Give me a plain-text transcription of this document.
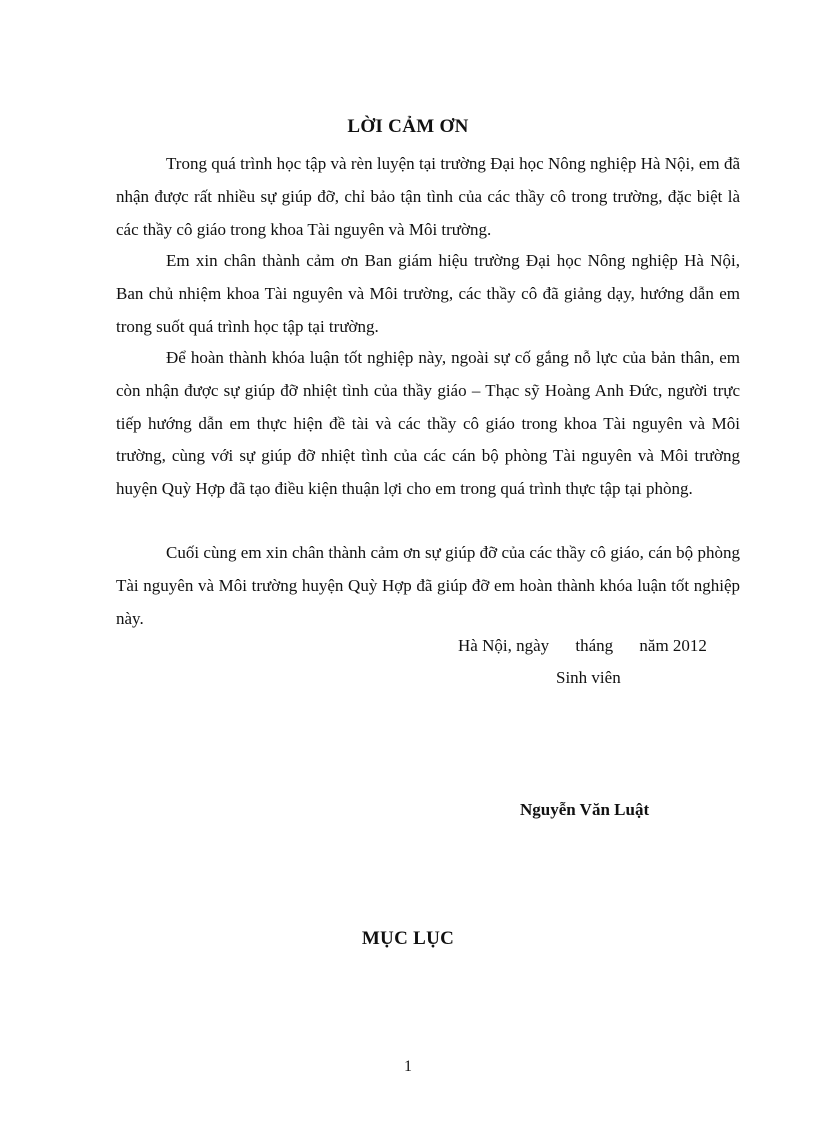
LỜI CẢM ƠN

Trong quá trình học tập và rèn luyện tại trường Đại học Nông nghiệp Hà Nội, em đã nhận được rất nhiều sự giúp đỡ, chỉ bảo tận tình của các thầy cô trong trường, đặc biệt là các thầy cô giáo trong khoa Tài nguyên và Môi trường.

Em xin chân thành cảm ơn Ban giám hiệu trường Đại học Nông nghiệp Hà Nội, Ban chủ nhiệm khoa Tài nguyên và Môi trường, các thầy cô đã giảng dạy, hướng dẫn em trong suốt quá trình học tập tại trường.

Để hoàn thành khóa luận tốt nghiệp này, ngoài sự cố gắng nỗ lực của bản thân, em còn nhận được sự giúp đỡ nhiệt tình của thầy giáo – Thạc sỹ Hoàng Anh Đức, người trực tiếp hướng dẫn em thực hiện đề tài và các thầy cô giáo trong khoa Tài nguyên và Môi trường, cùng với sự giúp đỡ nhiệt tình của các cán bộ phòng Tài nguyên và Môi trường huyện Quỳ Hợp đã tạo điều kiện thuận lợi cho em trong quá trình thực tập tại phòng.

Cuối cùng em xin chân thành cảm ơn sự giúp đỡ của các thầy cô giáo, cán bộ phòng Tài nguyên và Môi trường huyện Quỳ Hợp đã giúp đỡ em hoàn thành khóa luận tốt nghiệp này.

Hà Nội, ngày tháng năm 2012
Sinh viên
Nguyễn Văn Luật
MỤC LỤC
1
